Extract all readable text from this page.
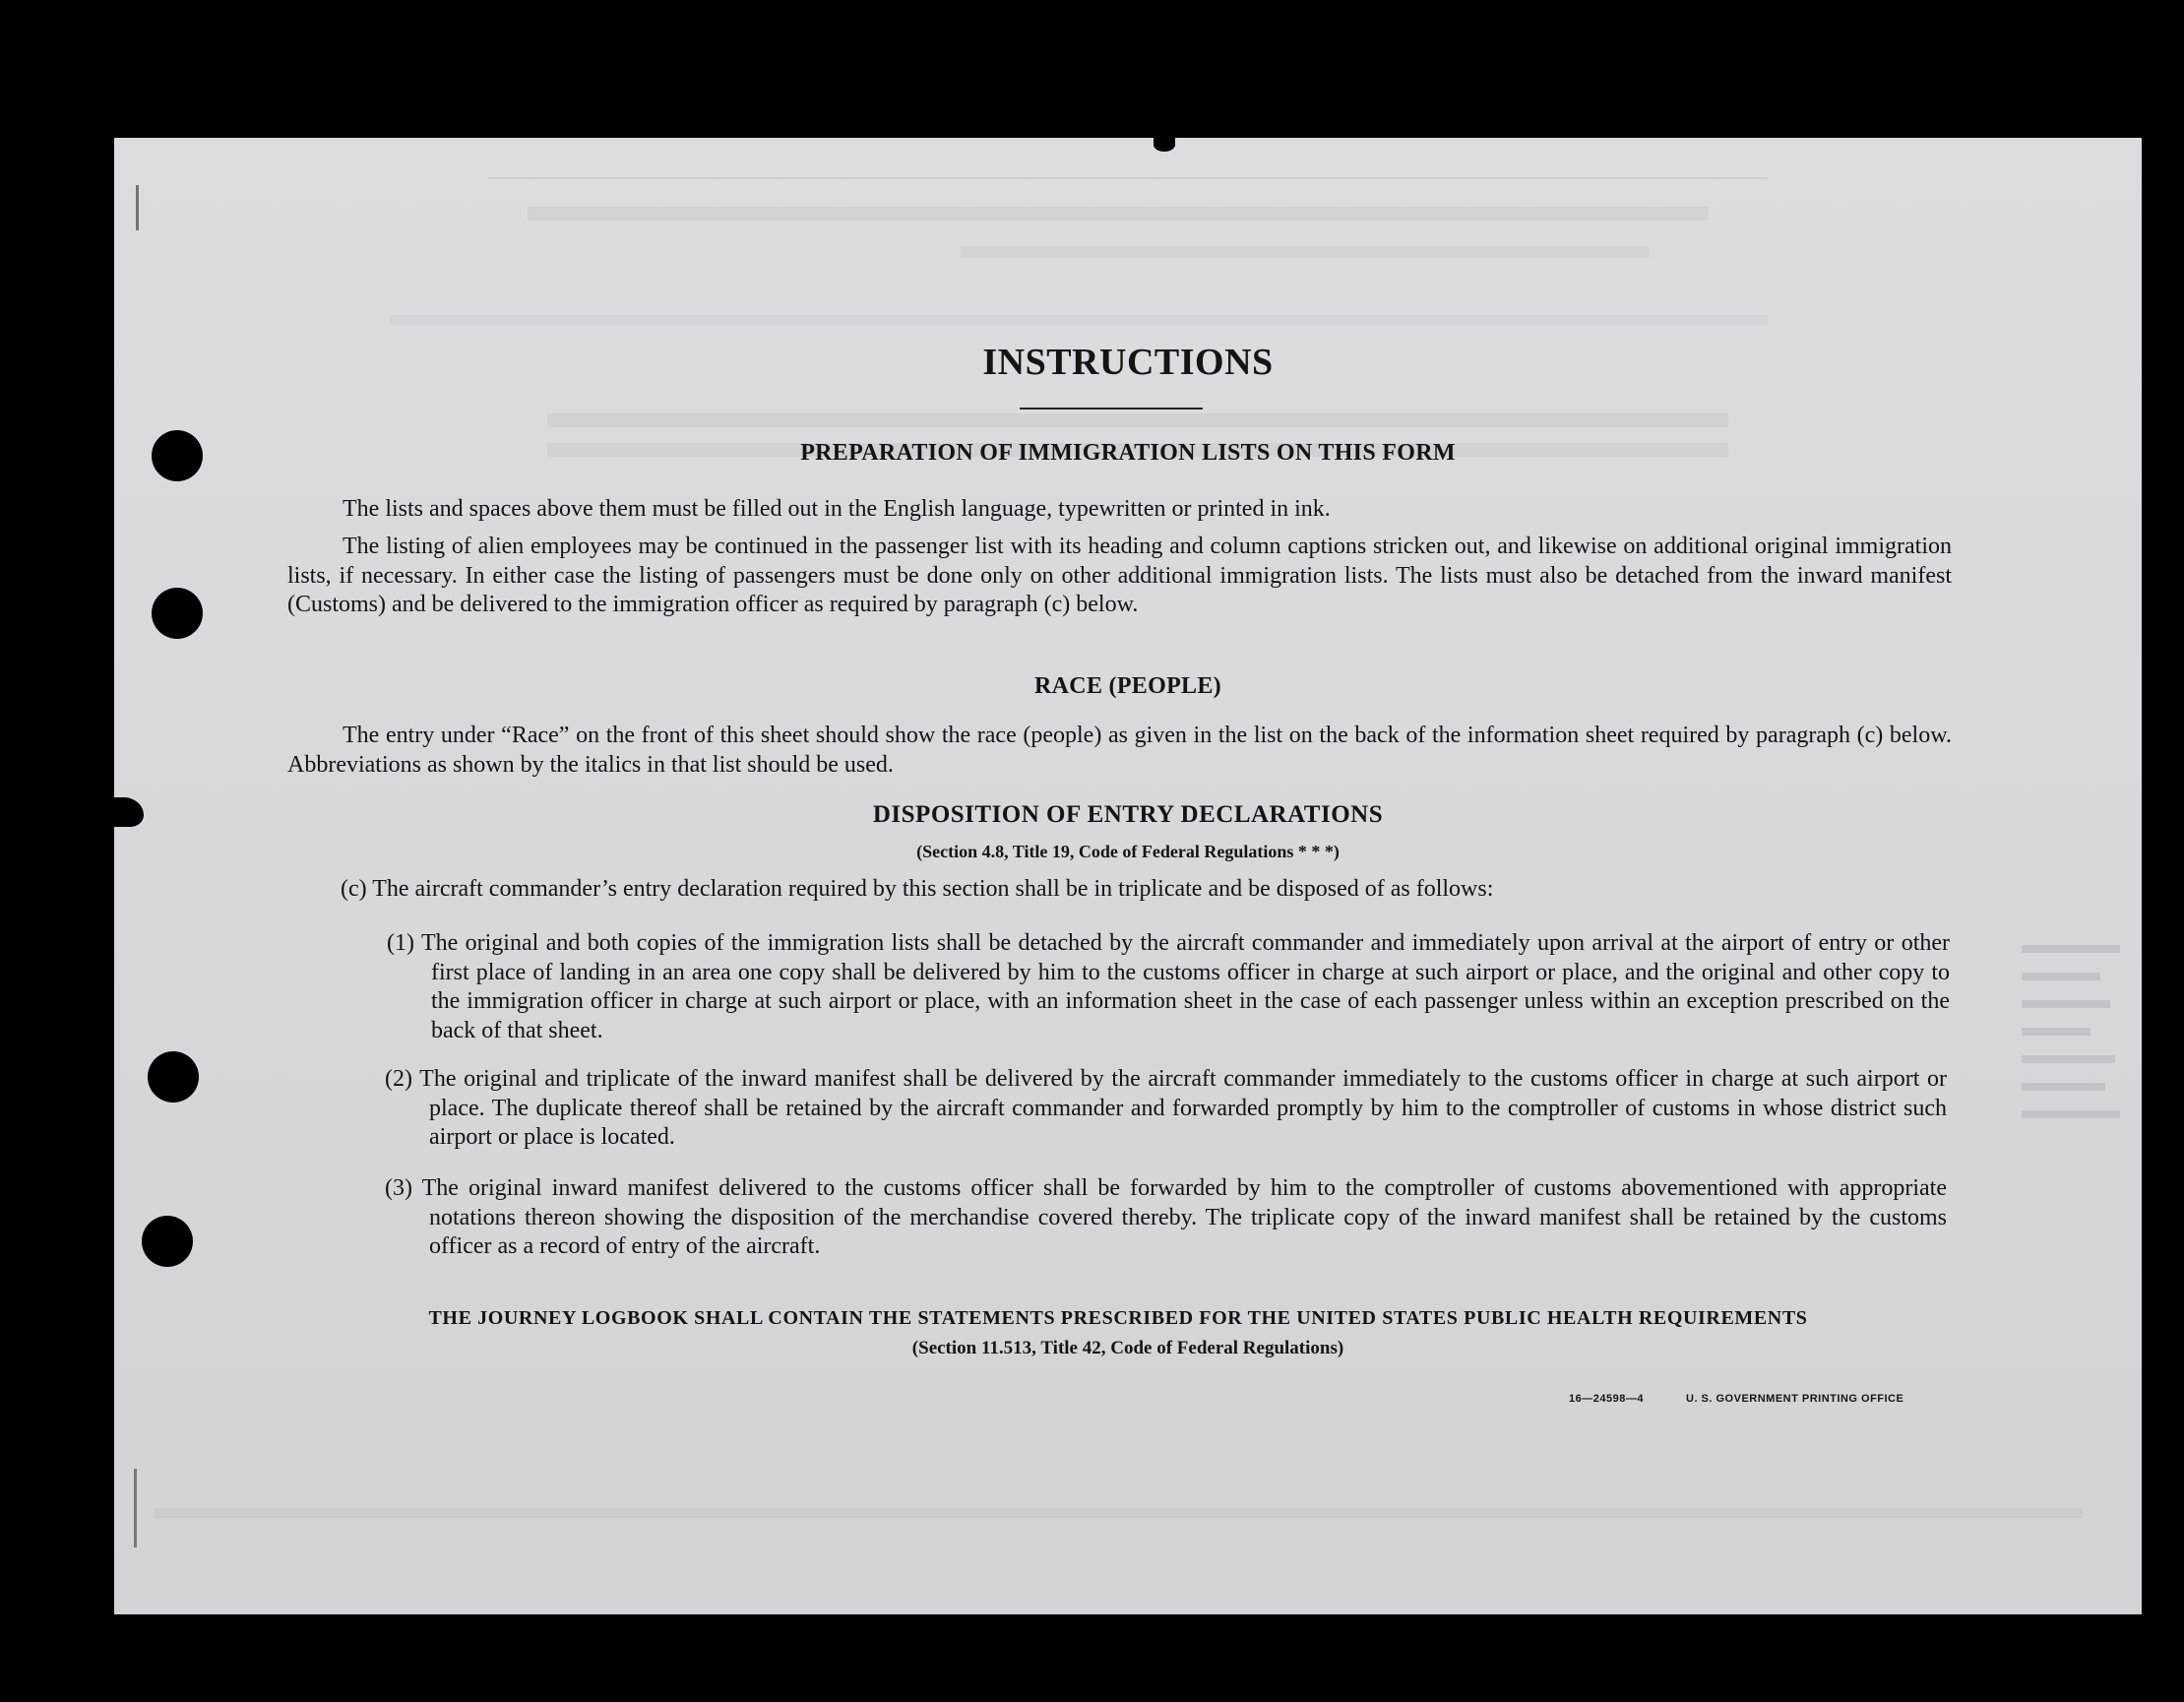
INSTRUCTIONS
PREPARATION OF IMMIGRATION LISTS ON THIS FORM
The lists and spaces above them must be filled out in the English language, typewritten or printed in ink.
The listing of alien employees may be continued in the passenger list with its heading and column captions stricken out, and likewise on additional original immigration lists, if necessary. In either case the listing of passengers must be done only on other additional immigration lists. The lists must also be detached from the inward manifest (Customs) and be delivered to the immigration officer as required by paragraph (c) below.
RACE (PEOPLE)
The entry under “Race” on the front of this sheet should show the race (people) as given in the list on the back of the information sheet required by paragraph (c) below. Abbreviations as shown by the italics in that list should be used.
DISPOSITION OF ENTRY DECLARATIONS
(Section 4.8, Title 19, Code of Federal Regulations * * *)
(c) The aircraft commander’s entry declaration required by this section shall be in triplicate and be disposed of as follows:
(1) The original and both copies of the immigration lists shall be detached by the aircraft commander and immediately upon arrival at the airport of entry or other first place of landing in an area one copy shall be delivered by him to the customs officer in charge at such airport or place, and the original and other copy to the immigration officer in charge at such airport or place, with an information sheet in the case of each passenger unless within an exception prescribed on the back of that sheet.
(2) The original and triplicate of the inward manifest shall be delivered by the aircraft commander immediately to the customs officer in charge at such airport or place. The duplicate thereof shall be retained by the aircraft commander and forwarded promptly by him to the comptroller of customs in whose district such airport or place is located.
(3) The original inward manifest delivered to the customs officer shall be forwarded by him to the comptroller of customs abovementioned with appropriate notations thereon showing the disposition of the merchandise covered thereby. The triplicate copy of the inward manifest shall be retained by the customs officer as a record of entry of the aircraft.
THE JOURNEY LOGBOOK SHALL CONTAIN THE STATEMENTS PRESCRIBED FOR THE UNITED STATES PUBLIC HEALTH REQUIREMENTS
(Section 11.513, Title 42, Code of Federal Regulations)
16—24598—4	U. S. GOVERNMENT PRINTING OFFICE
